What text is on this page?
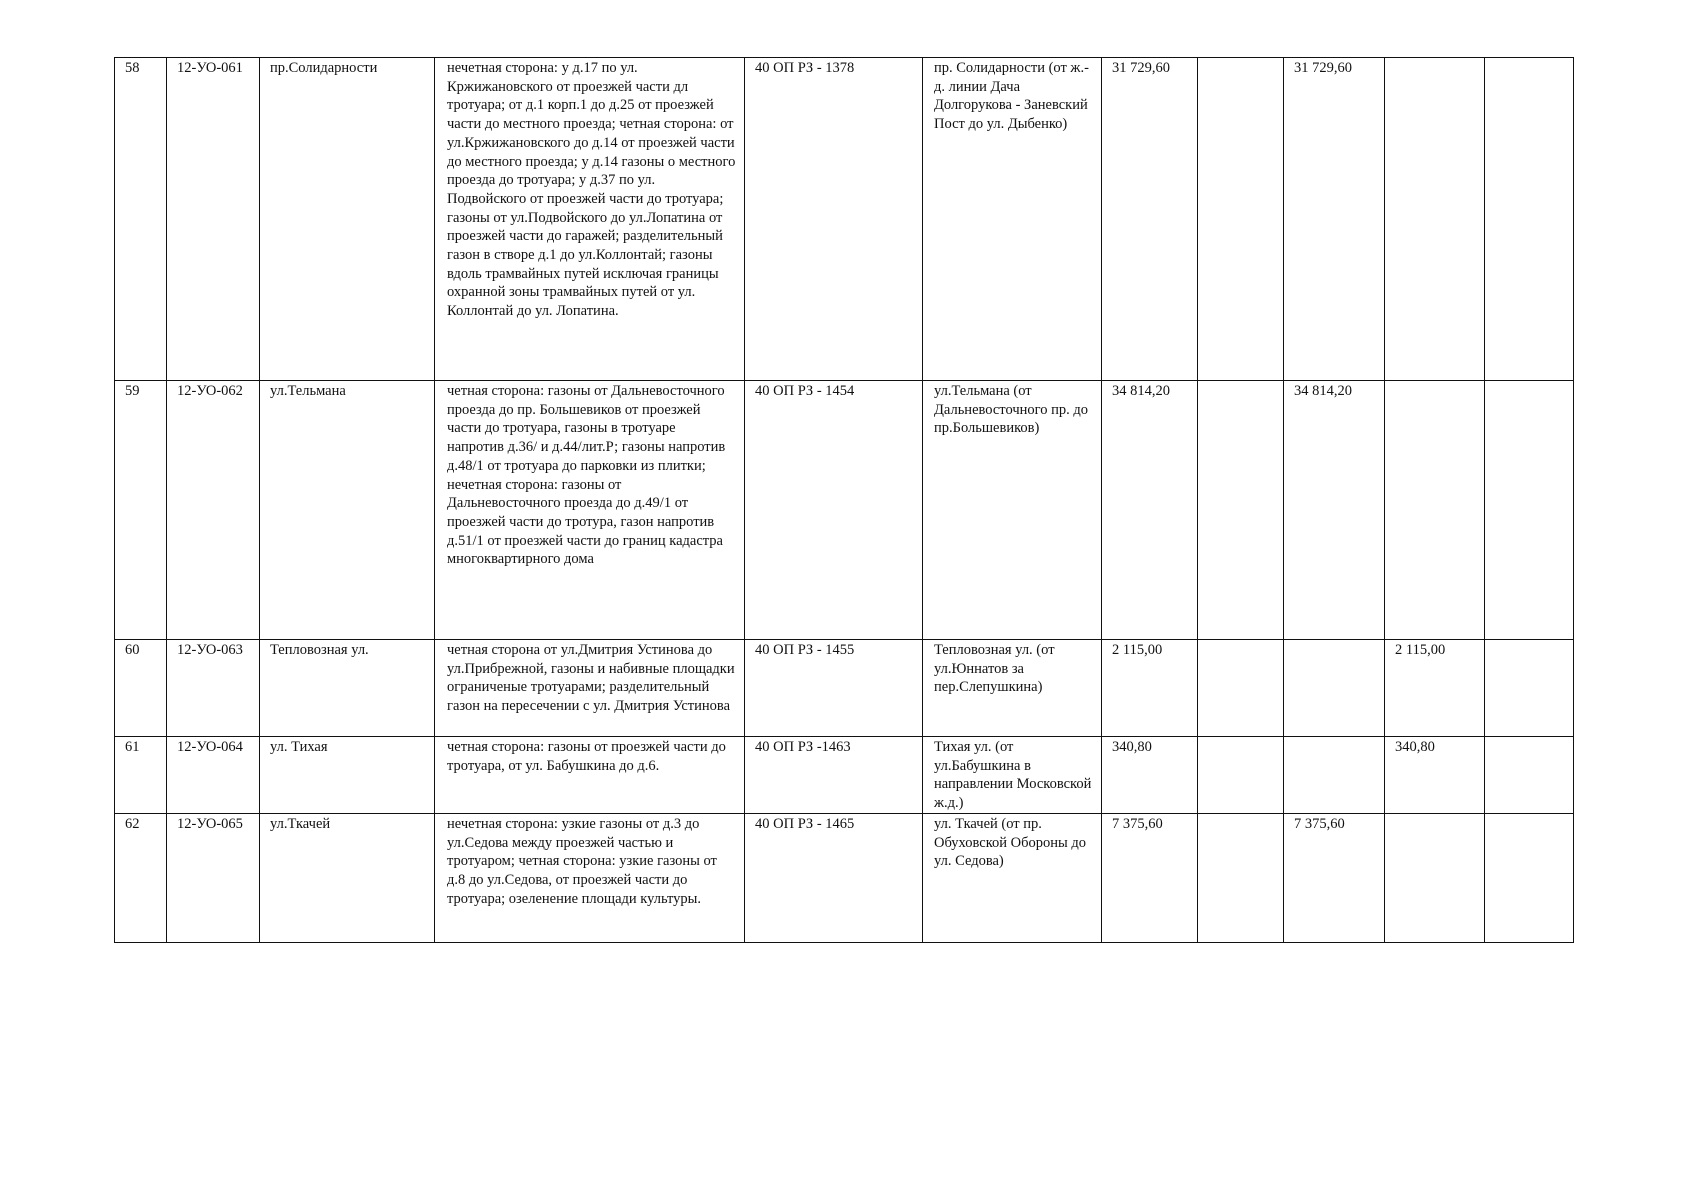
58	12-УО-061	пр.Солидарности	нечетная сторона: у д.17 по ул. Кржижановского от проезжей части дл тротуара; от д.1 корп.1 до д.25 от проезжей части до местного проезда; четная сторона: от ул.Кржижановского до д.14 от проезжей части до местного проезда; у д.14 газоны о местного проезда до тротуара; у д.37 по ул. Подвойского от проезжей части до тротуара; газоны от ул.Подвойского до ул.Лопатина от проезжей части до гаражей; разделительный газон в створе д.1 до ул.Коллонтай; газоны вдоль трамвайных путей исключая границы охранной зоны трамвайных путей от ул. Коллонтай до ул. Лопатина.	40 ОП РЗ - 1378	пр. Солидарности (от ж.-д. линии Дача Долгорукова - Заневский Пост до ул. Дыбенко)	31 729,60		31 729,60		
59	12-УО-062	ул.Тельмана	четная сторона: газоны от Дальневосточного проезда до пр. Большевиков от проезжей части до тротуара, газоны в тротуаре напротив д.36/ и д.44/лит.Р; газоны напротив д.48/1 от тротуара до парковки из плитки; нечетная сторона: газоны от Дальневосточного проезда до д.49/1 от проезжей части до тротура, газон напротив д.51/1 от проезжей части до границ кадастра многоквартирного дома	40 ОП РЗ - 1454	ул.Тельмана (от Дальневосточного пр. до пр.Большевиков)	34 814,20		34 814,20		
60	12-УО-063	Тепловозная ул.	четная сторона от ул.Дмитрия Устинова до ул.Прибрежной, газоны и набивные площадки ограниченые тротуарами; разделительный газон на пересечении с ул. Дмитрия Устинова	40 ОП РЗ - 1455	Тепловозная ул. (от ул.Юннатов за пер.Слепушкина)	2 115,00			2 115,00	
61	12-УО-064	ул. Тихая	четная сторона: газоны от проезжей части до тротуара, от ул. Бабушкина до д.6.	40 ОП РЗ -1463	Тихая ул. (от ул.Бабушкина в направлении Московской ж.д.)	340,80			340,80	
62	12-УО-065	ул.Ткачей	нечетная сторона: узкие газоны от д.3 до ул.Седова между проезжей частью и тротуаром; четная сторона: узкие газоны от д.8 до ул.Седова, от проезжей части до тротуара; озеленение площади культуры.	40 ОП РЗ - 1465	ул. Ткачей (от пр. Обуховской Обороны до ул. Седова)	7 375,60		7 375,60		
